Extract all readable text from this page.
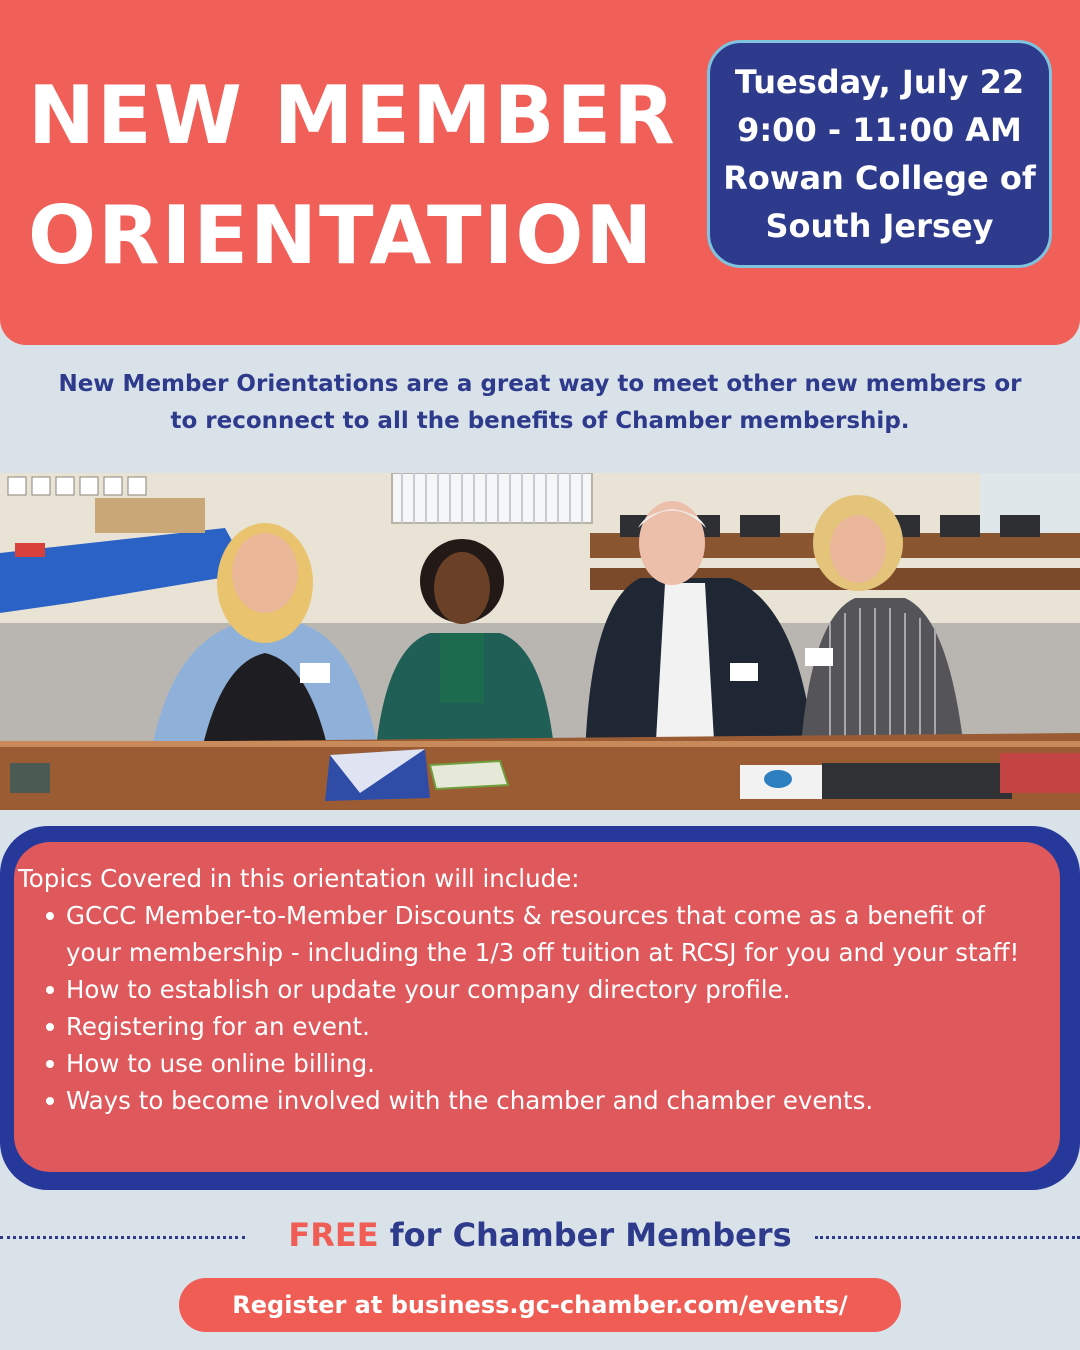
NEW MEMBER
ORIENTATION
Tuesday, July 22
9:00 - 11:00 AM
Rowan College of
South Jersey
New Member Orientations are a great way to meet other new members or
to reconnect to all the benefits of Chamber membership.
Topics Covered in this orientation will include:
GCCC Member-to-Member Discounts & resources that come as a benefit of your membership - including the 1/3 off tuition at RCSJ for you and your staff!
How to establish or update your company directory profile.
Registering for an event.
How to use online billing.
Ways to become involved with the chamber and chamber events.
FREE for Chamber Members
Register at business.gc-chamber.com/events/
